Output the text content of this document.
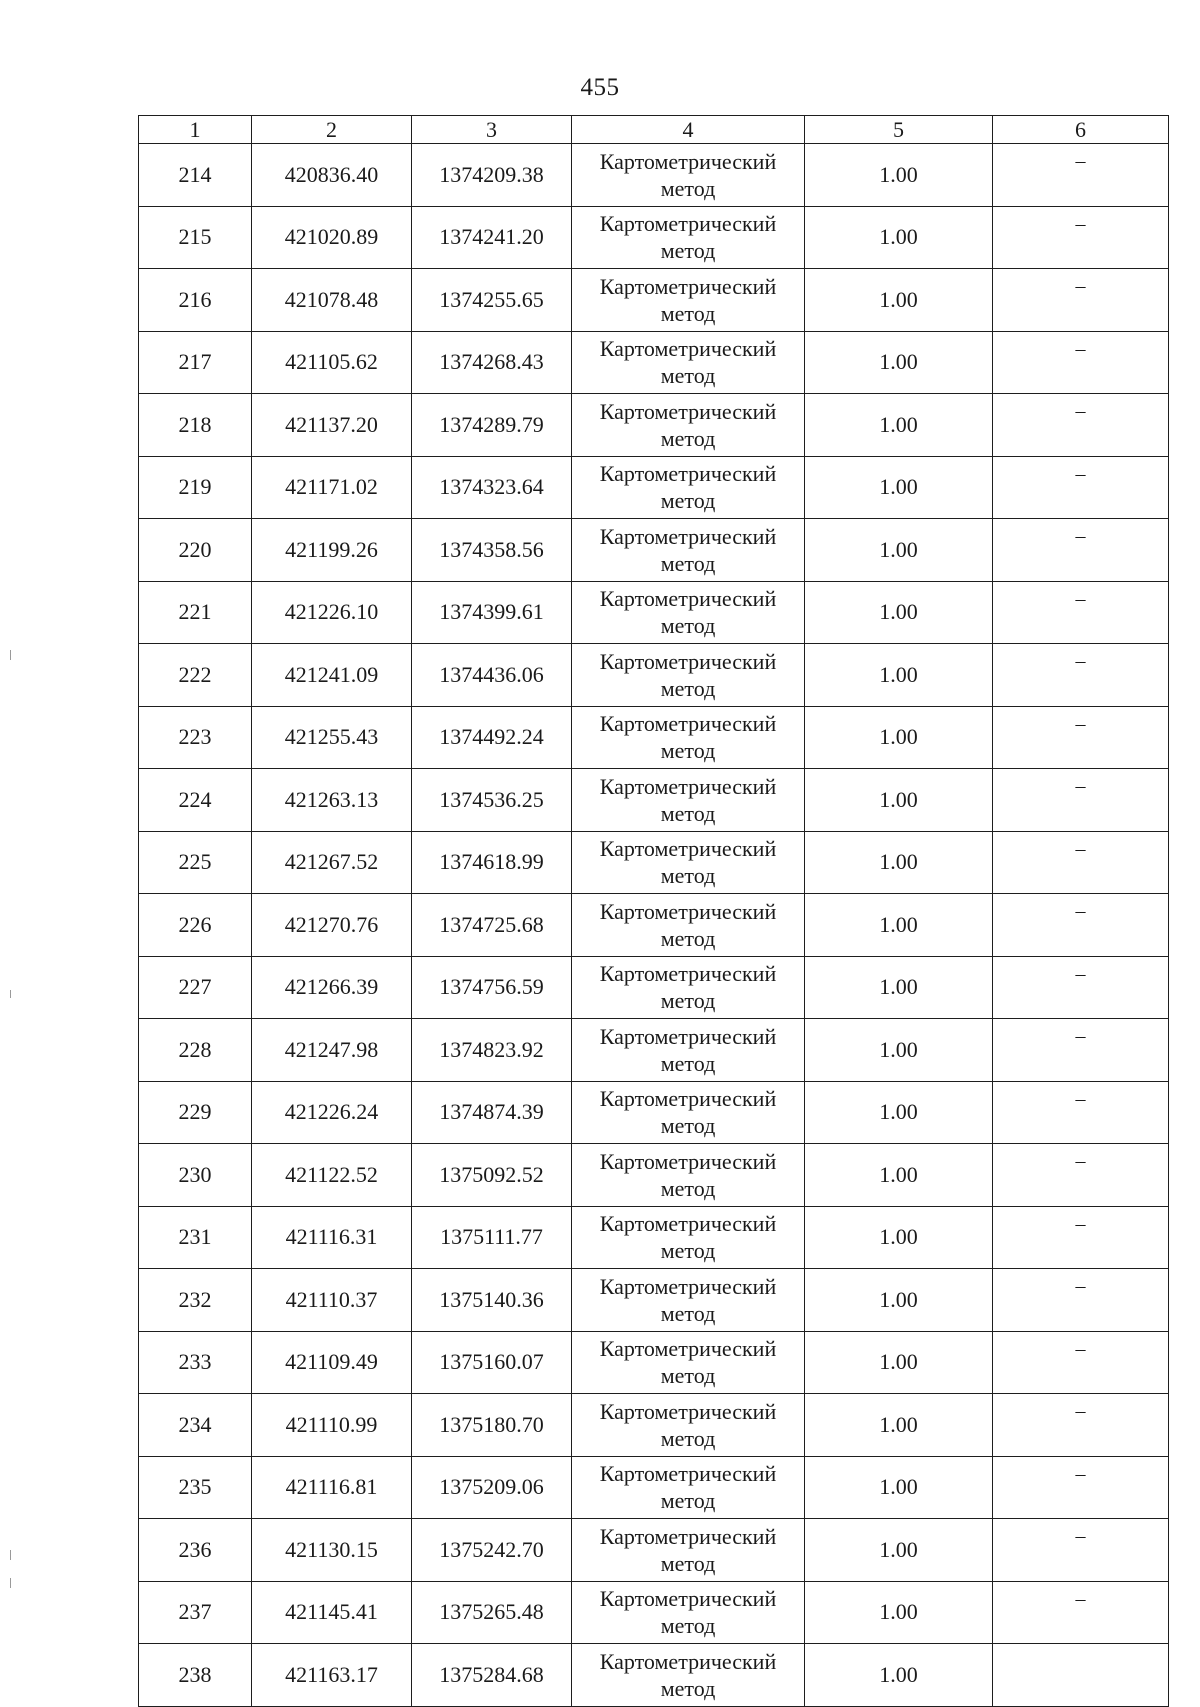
455
1	2	3	4	5	6
214	420836.40	1374209.38	Картометрический метод	1.00	–
215	421020.89	1374241.20	Картометрический метод	1.00	–
216	421078.48	1374255.65	Картометрический метод	1.00	–
217	421105.62	1374268.43	Картометрический метод	1.00	–
218	421137.20	1374289.79	Картометрический метод	1.00	–
219	421171.02	1374323.64	Картометрический метод	1.00	–
220	421199.26	1374358.56	Картометрический метод	1.00	–
221	421226.10	1374399.61	Картометрический метод	1.00	–
222	421241.09	1374436.06	Картометрический метод	1.00	–
223	421255.43	1374492.24	Картометрический метод	1.00	–
224	421263.13	1374536.25	Картометрический метод	1.00	–
225	421267.52	1374618.99	Картометрический метод	1.00	–
226	421270.76	1374725.68	Картометрический метод	1.00	–
227	421266.39	1374756.59	Картометрический метод	1.00	–
228	421247.98	1374823.92	Картометрический метод	1.00	–
229	421226.24	1374874.39	Картометрический метод	1.00	–
230	421122.52	1375092.52	Картометрический метод	1.00	–
231	421116.31	1375111.77	Картометрический метод	1.00	–
232	421110.37	1375140.36	Картометрический метод	1.00	–
233	421109.49	1375160.07	Картометрический метод	1.00	–
234	421110.99	1375180.70	Картометрический метод	1.00	–
235	421116.81	1375209.06	Картометрический метод	1.00	–
236	421130.15	1375242.70	Картометрический метод	1.00	–
237	421145.41	1375265.48	Картометрический метод	1.00	–
238	421163.17	1375284.68	Картометрический метод	1.00	
